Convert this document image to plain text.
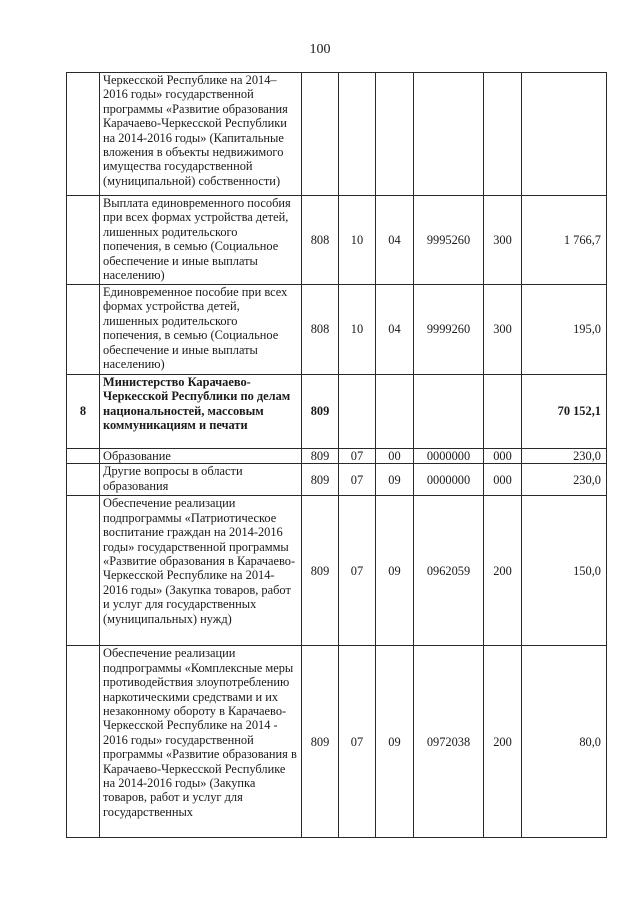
100
	Черкесской Республике на 2014–2016 годы» государственной программы «Развитие образования Карачаево-Черкесской Республики на 2014-2016 годы» (Капитальные вложения в объекты недвижимого имущества государственной (муниципальной) собственности)						
	Выплата единовременного пособия при всех формах устройства детей, лишенных родительского попечения, в семью (Социальное обеспечение и иные выплаты населению)	808	10	04	9995260	300	1 766,7
	Единовременное пособие при всех формах устройства детей, лишенных родительского попечения, в семью (Социальное обеспечение и иные выплаты населению)	808	10	04	9999260	300	195,0
8	Министерство Карачаево-Черкесской Республики по делам национальностей, массовым коммуникациям и печати	809					70 152,1
	Образование	809	07	00	0000000	000	230,0
	Другие вопросы в области образования	809	07	09	0000000	000	230,0
	Обеспечение реализации подпрограммы «Патриотическое воспитание граждан на 2014-2016 годы» государственной программы «Развитие образования в Карачаево-Черкесской Республике на 2014-2016 годы» (Закупка товаров, работ и услуг для государственных (муниципальных) нужд)	809	07	09	0962059	200	150,0
	Обеспечение реализации подпрограммы «Комплексные меры противодействия злоупотреблению наркотическими средствами и их незаконному обороту в Карачаево-Черкесской Республике на 2014 - 2016 годы» государственной программы «Развитие образования в Карачаево-Черкесской Республике на 2014-2016 годы» (Закупка товаров, работ и услуг для государственных	809	07	09	0972038	200	80,0
